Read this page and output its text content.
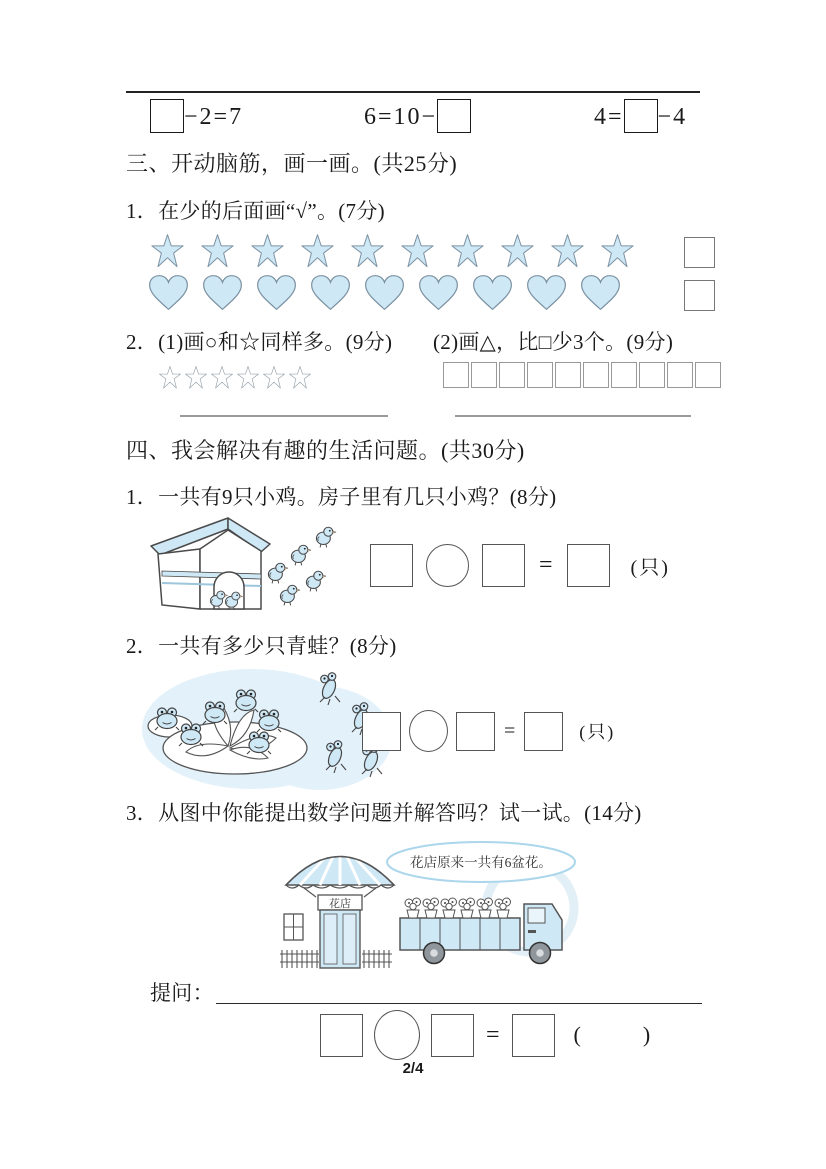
−2=7	6=10−	4= −4
三、开动脑筋，画一画。(共25分)
1．在少的后面画“√”。(7分)
2．(1)画○和☆同样多。(9分) (2)画△，比□少3个。(9分)
四、我会解决有趣的生活问题。(共30分)
1．一共有9只小鸡。房子里有几只小鸡？(8分)
=	(只)
2．一共有多少只青蛙？(8分)
=	(只)
3．从图中你能提出数学问题并解答吗？试一试。(14分)
花店
花店原来一共有6盆花。
提问：
=	(        )
2/4
